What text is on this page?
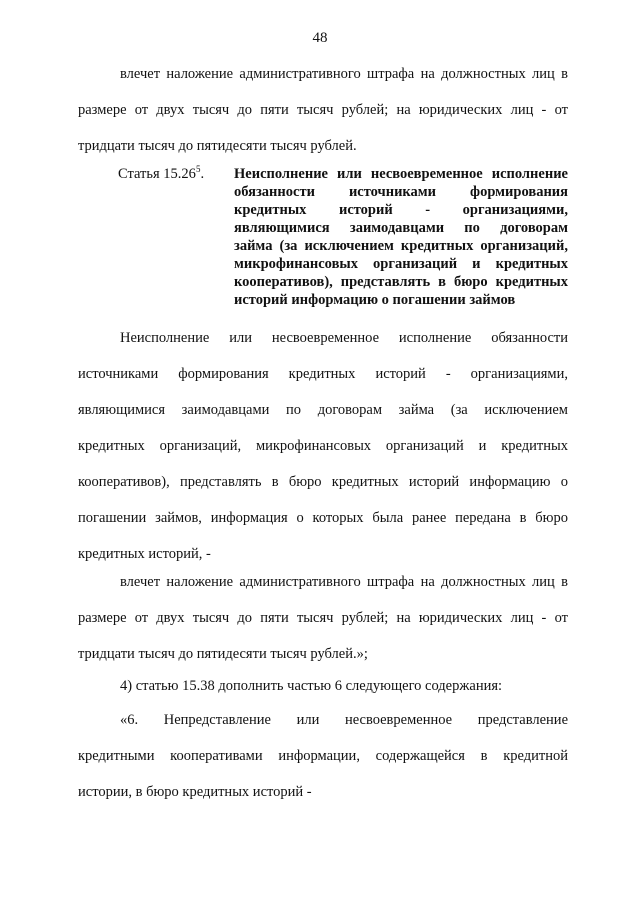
48
влечет наложение административного штрафа на должностных лиц в
размере от двух тысяч до пяти тысяч рублей; на юридических лиц - от
тридцати тысяч до пятидесяти тысяч рублей.
Статья 15.26$^5$. Неисполнение или несвоевременное исполнение
обязанности источниками формирования
кредитных историй - организациями,
являющимися заимодавцами по договорам
займа (за исключением кредитных организаций,
микрофинансовых организаций и кредитных
кооперативов), представлять в бюро кредитных
историй информацию о погашении займов
Неисполнение или несвоевременное исполнение обязанности
источниками формирования кредитных историй - организациями,
являющимися заимодавцами по договорам займа (за исключением
кредитных организаций, микрофинансовых организаций и кредитных
кооперативов), представлять в бюро кредитных историй информацию о
погашении займов, информация о которых была ранее передана в бюро
кредитных историй, -
влечет наложение административного штрафа на должностных лиц в
размере от двух тысяч до пяти тысяч рублей; на юридических лиц - от
тридцати тысяч до пятидесяти тысяч рублей.»;
4) статью 15.38 дополнить частью 6 следующего содержания:
«6. Непредставление или несвоевременное представление
кредитными кооперативами информации, содержащейся в кредитной
истории, в бюро кредитных историй -
